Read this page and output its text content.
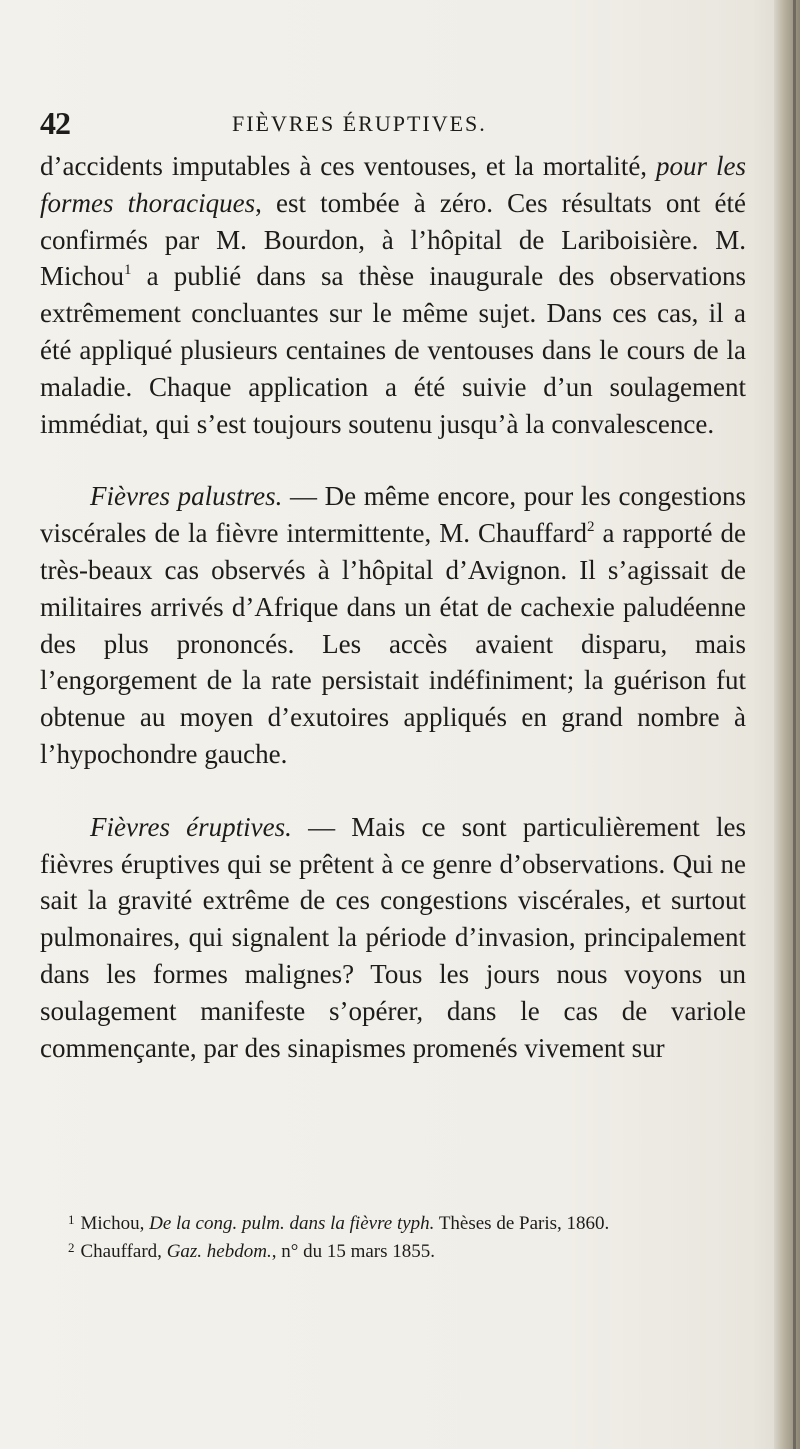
42	FIÈVRES ÉRUPTIVES.

d’accidents imputables à ces ventouses, et la mortalité, pour les formes thoraciques, est tombée à zéro. Ces résultats ont été confirmés par M. Bourdon, à l’hôpital de Lariboisière. M. Michou$^1$ a publié dans sa thèse inaugurale des observations extrêmement concluantes sur le même sujet. Dans ces cas, il a été appliqué plusieurs centaines de ventouses dans le cours de la maladie. Chaque application a été suivie d’un soulagement immédiat, qui s’est toujours soutenu jusqu’à la convalescence.

Fièvres palustres. — De même encore, pour les congestions viscérales de la fièvre intermittente, M. Chauffard$^2$ a rapporté de très-beaux cas observés à l’hôpital d’Avignon. Il s’agissait de militaires arrivés d’Afrique dans un état de cachexie paludéenne des plus prononcés. Les accès avaient disparu, mais l’engorgement de la rate persistait indéfiniment; la guérison fut obtenue au moyen d’exutoires appliqués en grand nombre à l’hypochondre gauche.

Fièvres éruptives. — Mais ce sont particulièrement les fièvres éruptives qui se prêtent à ce genre d’observations. Qui ne sait la gravité extrême de ces congestions viscérales, et surtout pulmonaires, qui signalent la période d’invasion, principalement dans les formes malignes? Tous les jours nous voyons un soulagement manifeste s’opérer, dans le cas de variole commençante, par des sinapismes promenés vivement sur

$^1$ Michou, De la cong. pulm. dans la fièvre typh. Thèses de Paris, 1860.

$^2$ Chauffard, Gaz. hebdom., n° du 15 mars 1855.
